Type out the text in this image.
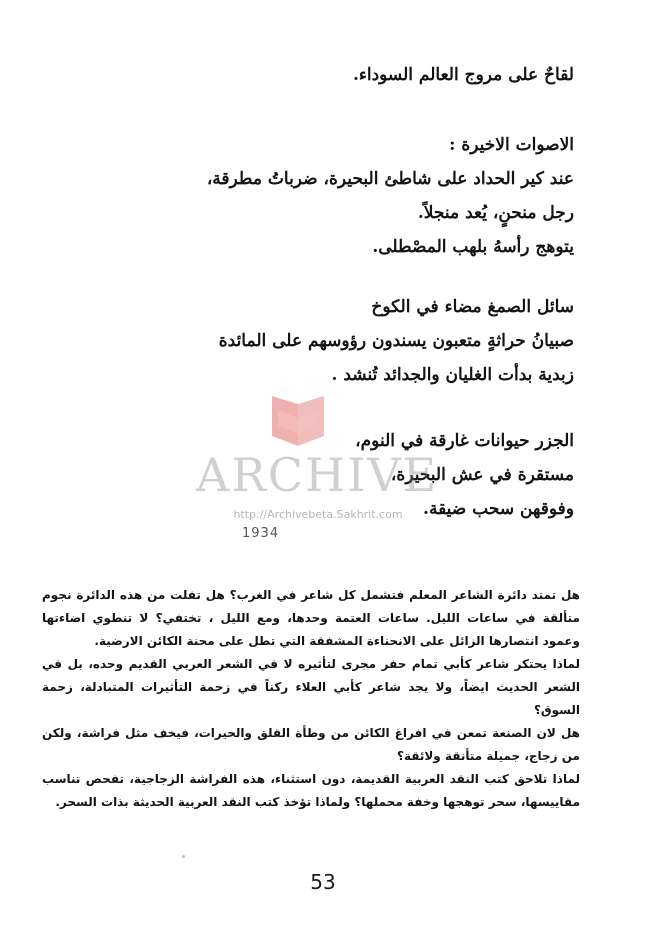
لقاحٌ على مروج العالم السوداء.
الاصوات الاخيرة :
عند كير الحداد على شاطئ البحيرة، ضرباتُ مطرقة،
رجل منحنٍ، يُعد منجلاً.
يتوهج رأسهُ بلهب المصْطلى.
سائل الصمغ مضاء في الكوخ
صبيانُ حراثةٍ متعبون يسندون رؤوسهم على المائدة
زبدية بدأت الغليان والجدائد تُنشد .
الجزر حيوانات غارقة في النوم،
مستقرة في عش البحيرة،
وفوقهن سحب ضيقة.
ARCHIVE
http://Archivebeta.Sakhrit.com
1934

هل تمتد دائرة الشاعر المعلم فتشمل كل شاعر في الغرب؟ هل تفلت من هذه الدائرة نجوم متألقة في ساعات الليل. ساعات العتمة وحدها، ومع الليل ، تختفي؟ لا تنطوي اضاءتها وعمود انتصارها الزائل على الانحناءة المشفقة التي تطل على محنة الكائن الارضية.

لماذا يحتكر شاعر كأبي تمام حفر مجرى لتأثيره لا في الشعر العربي القديم وحده، بل في الشعر الحديث ايضاً، ولا يجد شاعر كأبي العلاء ركناً في زحمة التأثيرات المتبادلة، زحمة السوق؟

هل لان الصنعة تمعن في افراغ الكائن من وطأة القلق والحيرات، فيخف مثل فراشة، ولكن من زجاج، جميلة متأنقة ولائقة؟

لماذا تلاحق كتب النقد العربية القديمة، دون استثناء، هذه الفراشة الزجاجية، تفحص تناسب مقاييسها، سحر توهجها وخفة محملها؟ ولماذا تؤخذ كتب النقد العربية الحديثة بذات السحر.

53
